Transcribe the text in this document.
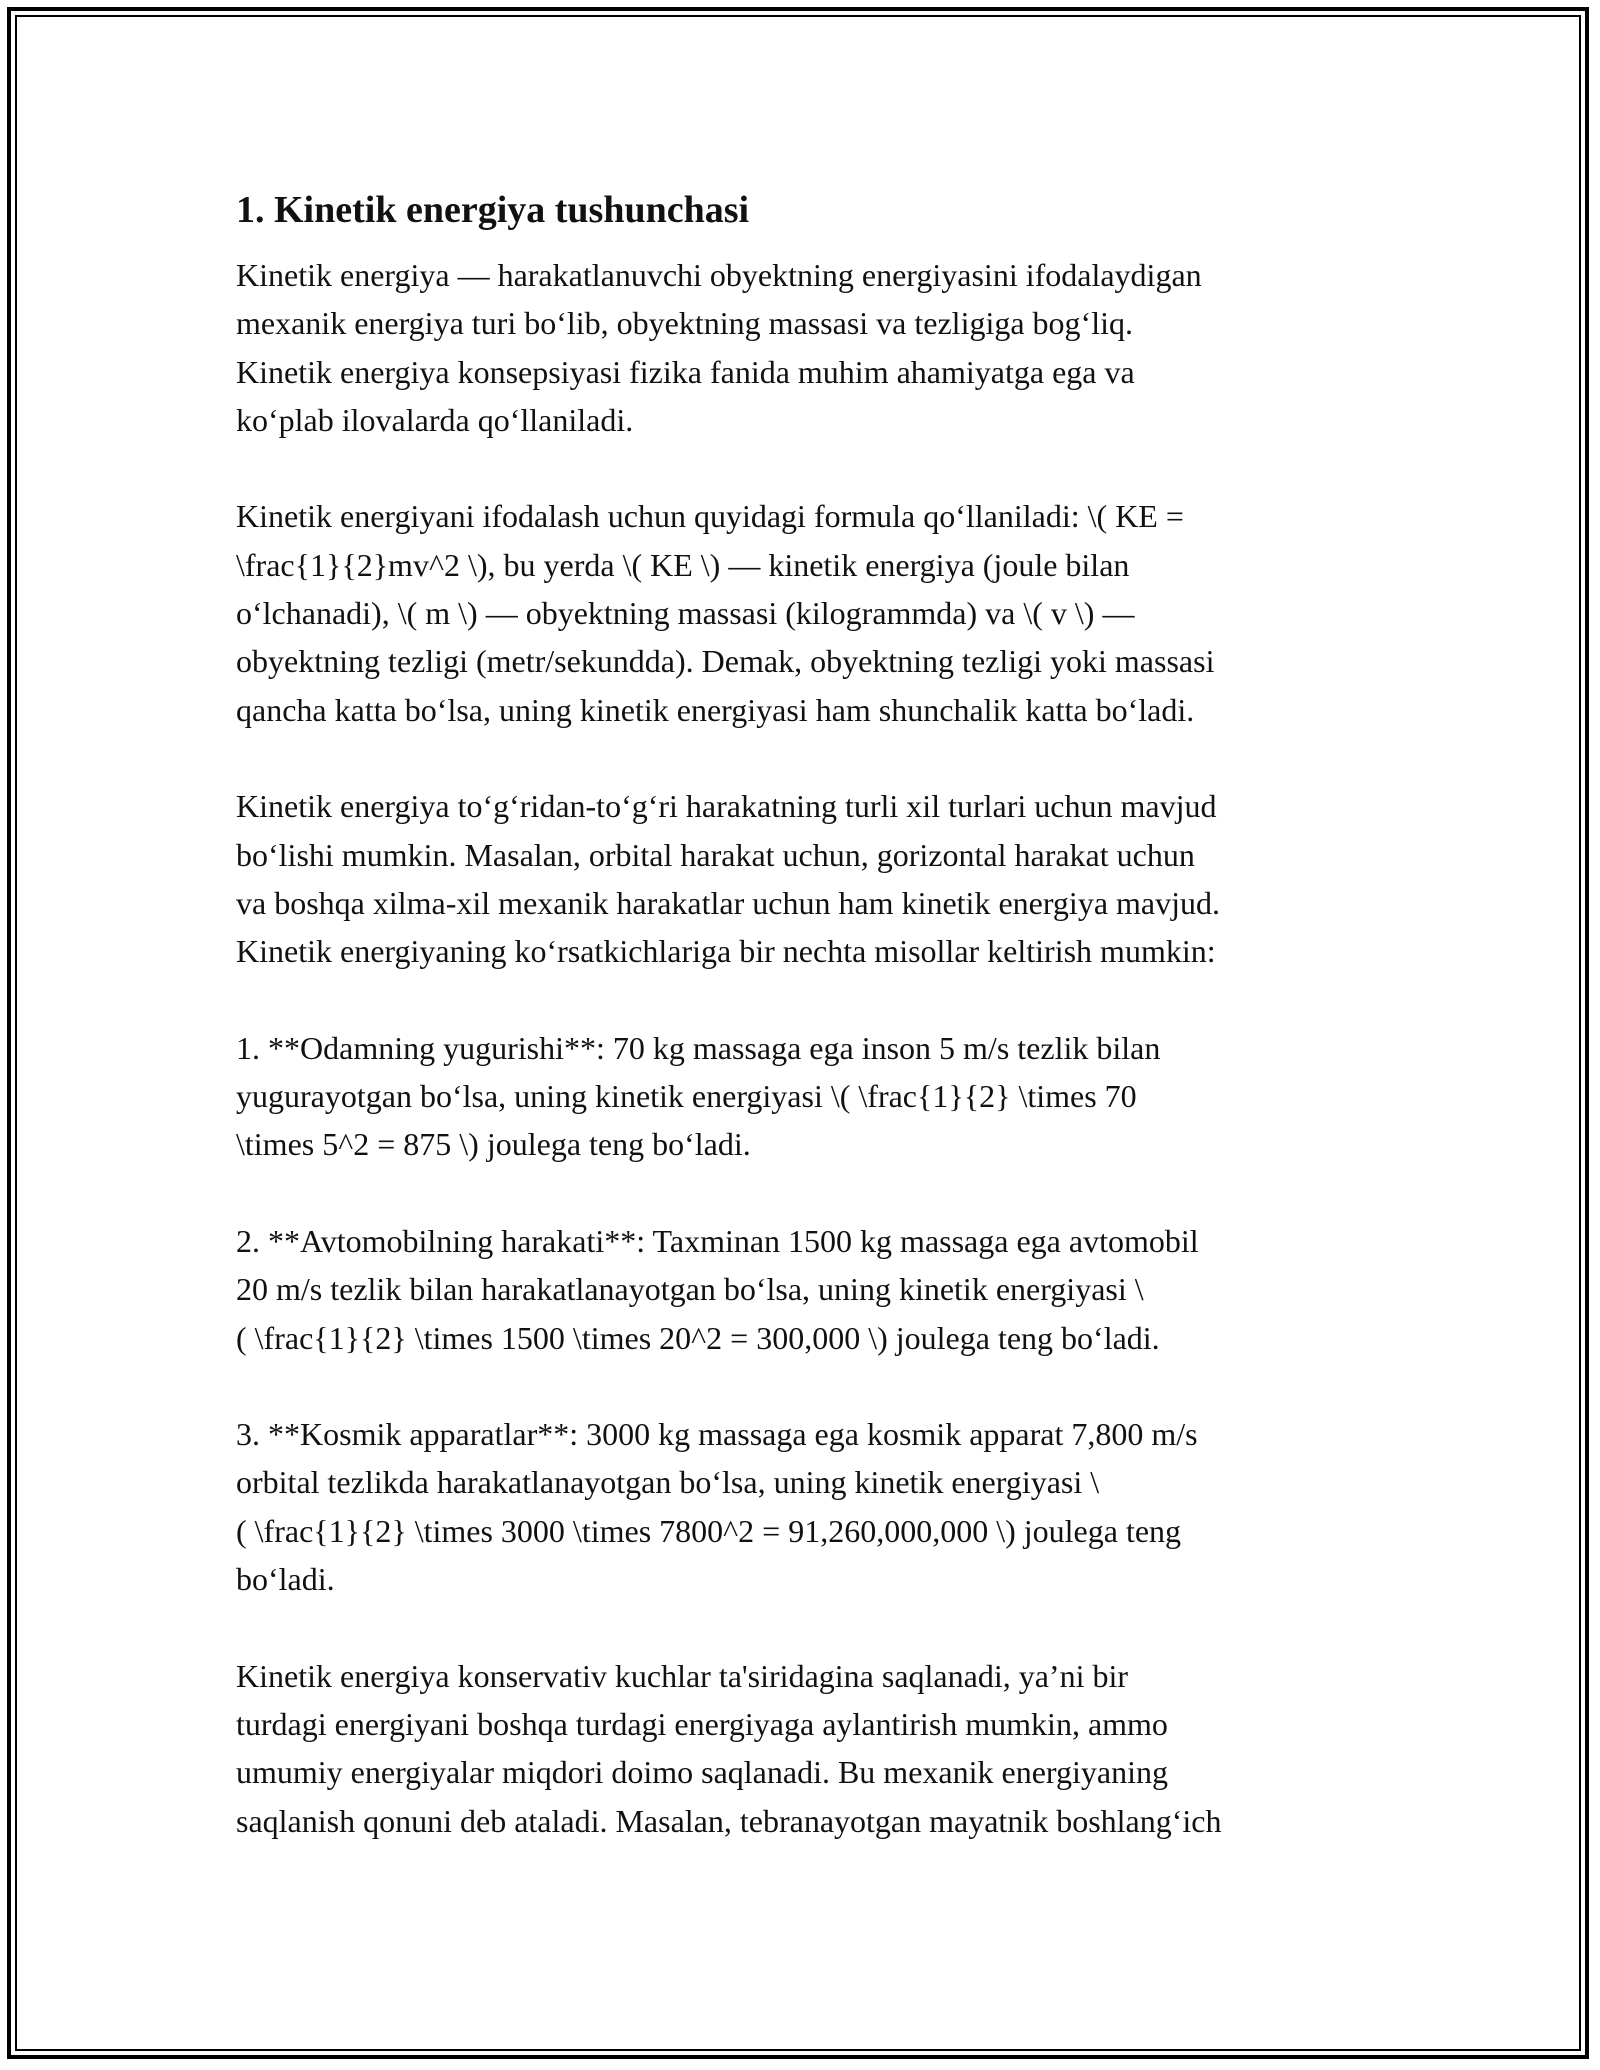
1. Kinetik energiya tushunchasi

Kinetik energiya — harakatlanuvchi obyektning energiyasini ifodalaydigan
mexanik energiya turi boʻlib, obyektning massasi va tezligiga bogʻliq.
Kinetik energiya konsepsiyasi fizika fanida muhim ahamiyatga ega va
koʻplab ilovalarda qoʻllaniladi.

Kinetik energiyani ifodalash uchun quyidagi formula qoʻllaniladi: \( KE =
\frac{1}{2}mv^2 \), bu yerda \( KE \) — kinetik energiya (joule bilan
oʻlchanadi), \( m \) — obyektning massasi (kilogrammda) va \( v \) —
obyektning tezligi (metr/sekundda). Demak, obyektning tezligi yoki massasi
qancha katta boʻlsa, uning kinetik energiyasi ham shunchalik katta boʻladi.

Kinetik energiya toʻgʻridan-toʻgʻri harakatning turli xil turlari uchun mavjud
boʻlishi mumkin. Masalan, orbital harakat uchun, gorizontal harakat uchun
va boshqa xilma-xil mexanik harakatlar uchun ham kinetik energiya mavjud.
Kinetik energiyaning koʻrsatkichlariga bir nechta misollar keltirish mumkin:

1. **Odamning yugurishi**: 70 kg massaga ega inson 5 m/s tezlik bilan
yugurayotgan boʻlsa, uning kinetik energiyasi \( \frac{1}{2} \times 70
\times 5^2 = 875 \) joulega teng boʻladi.

2. **Avtomobilning harakati**: Taxminan 1500 kg massaga ega avtomobil
20 m/s tezlik bilan harakatlanayotgan boʻlsa, uning kinetik energiyasi \
( \frac{1}{2} \times 1500 \times 20^2 = 300,000 \) joulega teng boʻladi.

3. **Kosmik apparatlar**: 3000 kg massaga ega kosmik apparat 7,800 m/s
orbital tezlikda harakatlanayotgan boʻlsa, uning kinetik energiyasi \
( \frac{1}{2} \times 3000 \times 7800^2 = 91,260,000,000 \) joulega teng
boʻladi.

Kinetik energiya konservativ kuchlar ta'siridagina saqlanadi, ya’ni bir
turdagi energiyani boshqa turdagi energiyaga aylantirish mumkin, ammo
umumiy energiyalar miqdori doimo saqlanadi. Bu mexanik energiyaning
saqlanish qonuni deb ataladi. Masalan, tebranayotgan mayatnik boshlangʻich
